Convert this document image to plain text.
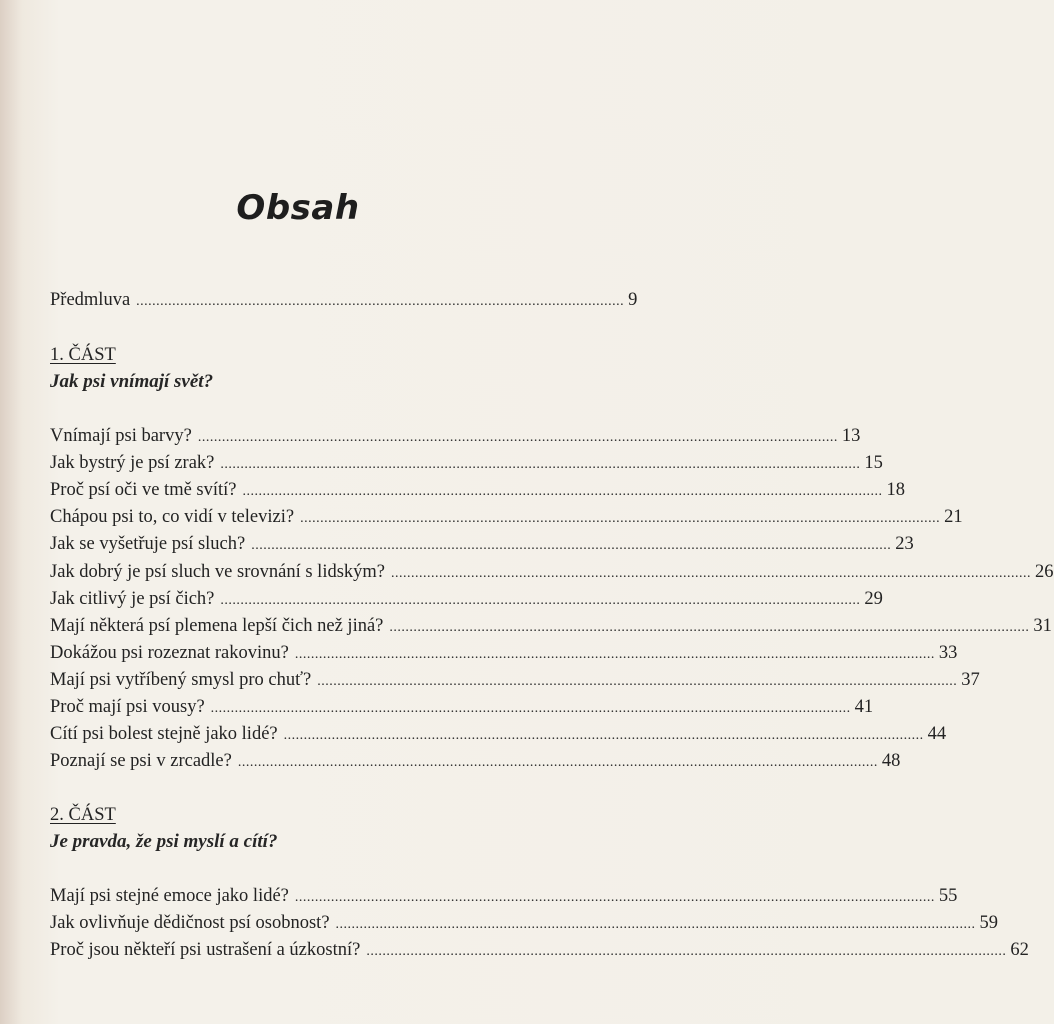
Obsah
Předmluva .......................................................................................................................... 9
1. ČÁST
Jak psi vnímají svět?
Vnímají psi barvy? ................................................................................................................................................................ 13
Jak bystrý je psí zrak? ................................................................................................................................................................ 15
Proč psí oči ve tmě svítí? ................................................................................................................................................................ 18
Chápou psi to, co vidí v televizi? ................................................................................................................................................................ 21
Jak se vyšetřuje psí sluch? ................................................................................................................................................................ 23
Jak dobrý je psí sluch ve srovnání s lidským? ................................................................................................................................................................ 26
Jak citlivý je psí čich? ................................................................................................................................................................ 29
Mají některá psí plemena lepší čich než jiná? ................................................................................................................................................................ 31
Dokážou psi rozeznat rakovinu? ................................................................................................................................................................ 33
Mají psi vytříbený smysl pro chuť? ................................................................................................................................................................ 37
Proč mají psi vousy? ................................................................................................................................................................ 41
Cítí psi bolest stejně jako lidé? ................................................................................................................................................................ 44
Poznají se psi v zrcadle? ................................................................................................................................................................ 48
2. ČÁST
Je pravda, že psi myslí a cítí?
Mají psi stejné emoce jako lidé? ................................................................................................................................................................ 55
Jak ovlivňuje dědičnost psí osobnost? ................................................................................................................................................................ 59
Proč jsou někteří psi ustrašení a úzkostní? ................................................................................................................................................................ 62
